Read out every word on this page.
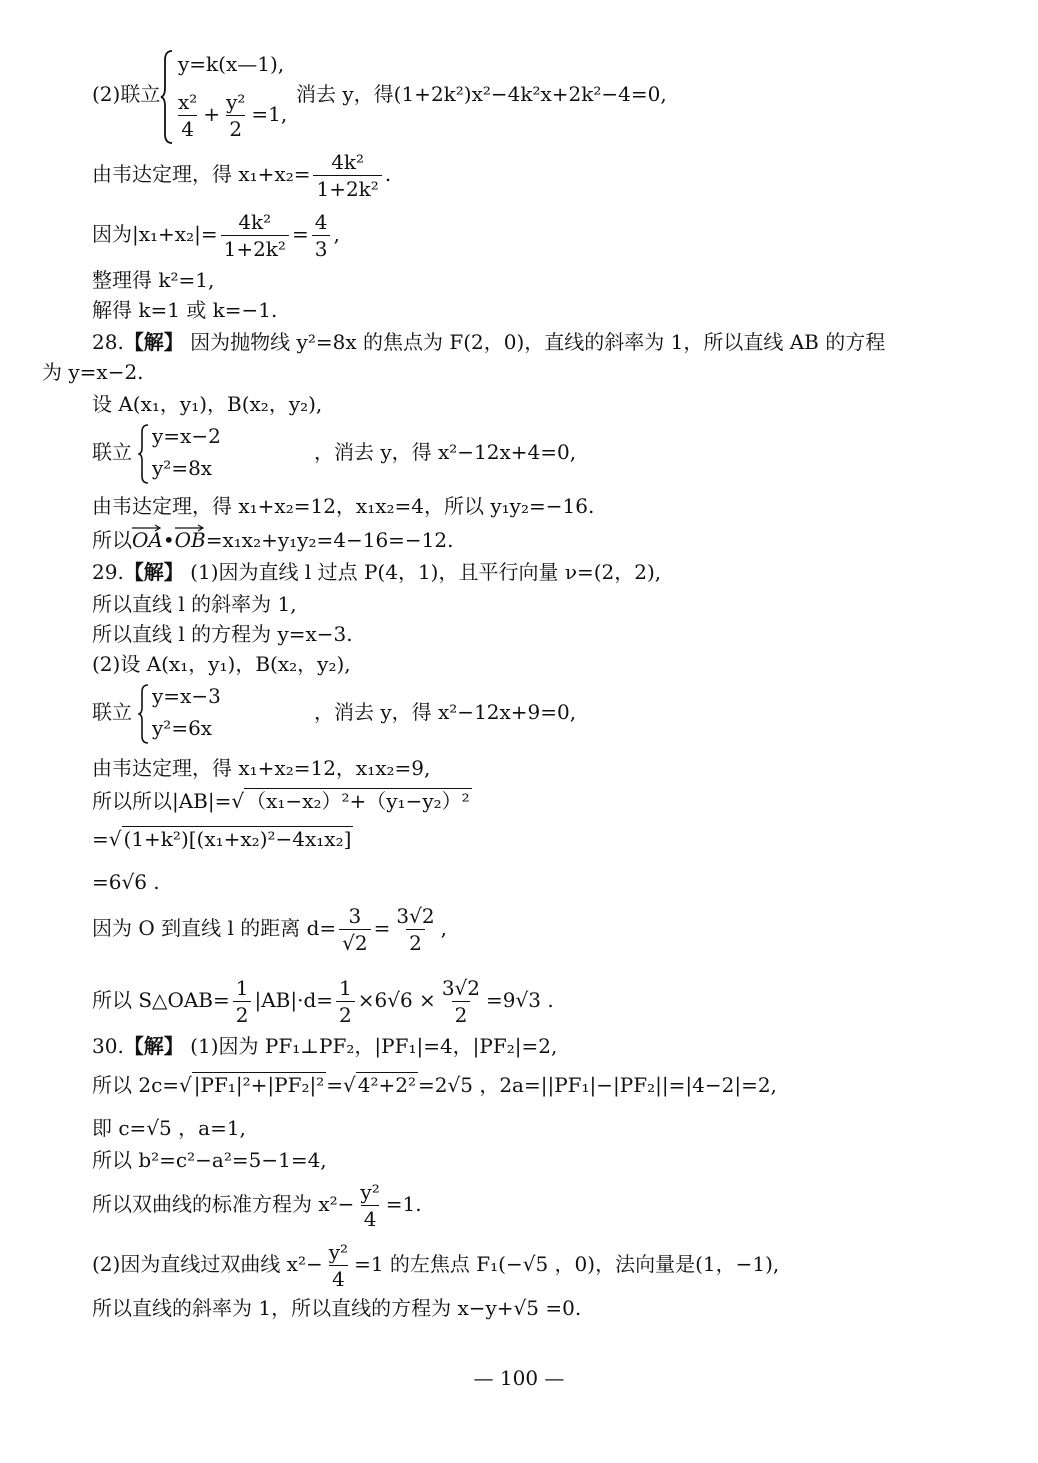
(2)联立
y=k(x—1),
$\frac{\text{x²}}{4} + \frac{\text{y²}}{2} =1$,
消去 y，得(1+2k²)x²−4k²x+2k²−4=0,
由韦达定理，得 $x_1+x_2= \frac{\text{4k²}}{\text{1+2k²}}$ .
因为$|x_1+x_2|= \frac{\text{4k²}}{\text{1+2k²}} = \frac{4}{3}$ ,
整理得 k²=1,
解得 k=1 或 k=−1.
28.【解】 因为抛物线 y²=8x 的焦点为 F(2，0)，直线的斜率为 1，所以直线 AB 的方程
为 y=x−2.
设 A(x₁，y₁)，B(x₂，y₂),
联立
y=x−2
y²=8x
，消去 y，得 x²−12x+4=0,
由韦达定理，得 x₁+x₂=12，x₁x₂=4，所以 y₁y₂=−16.
所以OA
•OB
=x₁x₂+y₁y₂=4−16=−12.
29.【解】 (1)因为直线 l 过点 P(4，1)，且平行向量 ν=(2，2),
所以直线 l 的斜率为 1,
所以直线 l 的方程为 y=x−3.
(2)设 A(x₁，y₁)，B(x₂，y₂),
联立
y=x−3
y²=6x
，消去 y，得 x²−12x+9=0,
由韦达定理，得 x₁+x₂=12，x₁x₂=9,
所以所以|AB|=√ （x₁−x₂）²+（y₁−y₂）²
=√ (1+k²)[(x₁+x₂)²−4x₁x₂]
=6√6 .
因为 O 到直线 l 的距离 $d= \frac{3}{√2} = \frac{3√2}{2}$ ,
所以 S△OAB= $\frac{1}{2} |AB|\cdot d= \frac{1}{2} \times 6√6 \times \frac{3√2}{2} =9√3$ .
30.【解】 (1)因为 PF₁⊥PF₂，|PF₁|=4，|PF₂|=2,
所以 2c=√ |PF₁|²+|PF₂|² =√ 4²+2² =2√5 ，2a=||PF₁|−|PF₂||=|4−2|=2,
即 c=√5 ，a=1,
所以 b²=c²−a²=5−1=4,
所以双曲线的标准方程为 $x^2- \frac{\text{y²}}{4} =1$.
(2)因为直线过双曲线 $x^2- \frac{\text{y²}}{4} =1$ 的左焦点 F₁(−√5 ，0)，法向量是(1，−1),
所以直线的斜率为 1，所以直线的方程为 x−y+√5 =0.
— 100 —
